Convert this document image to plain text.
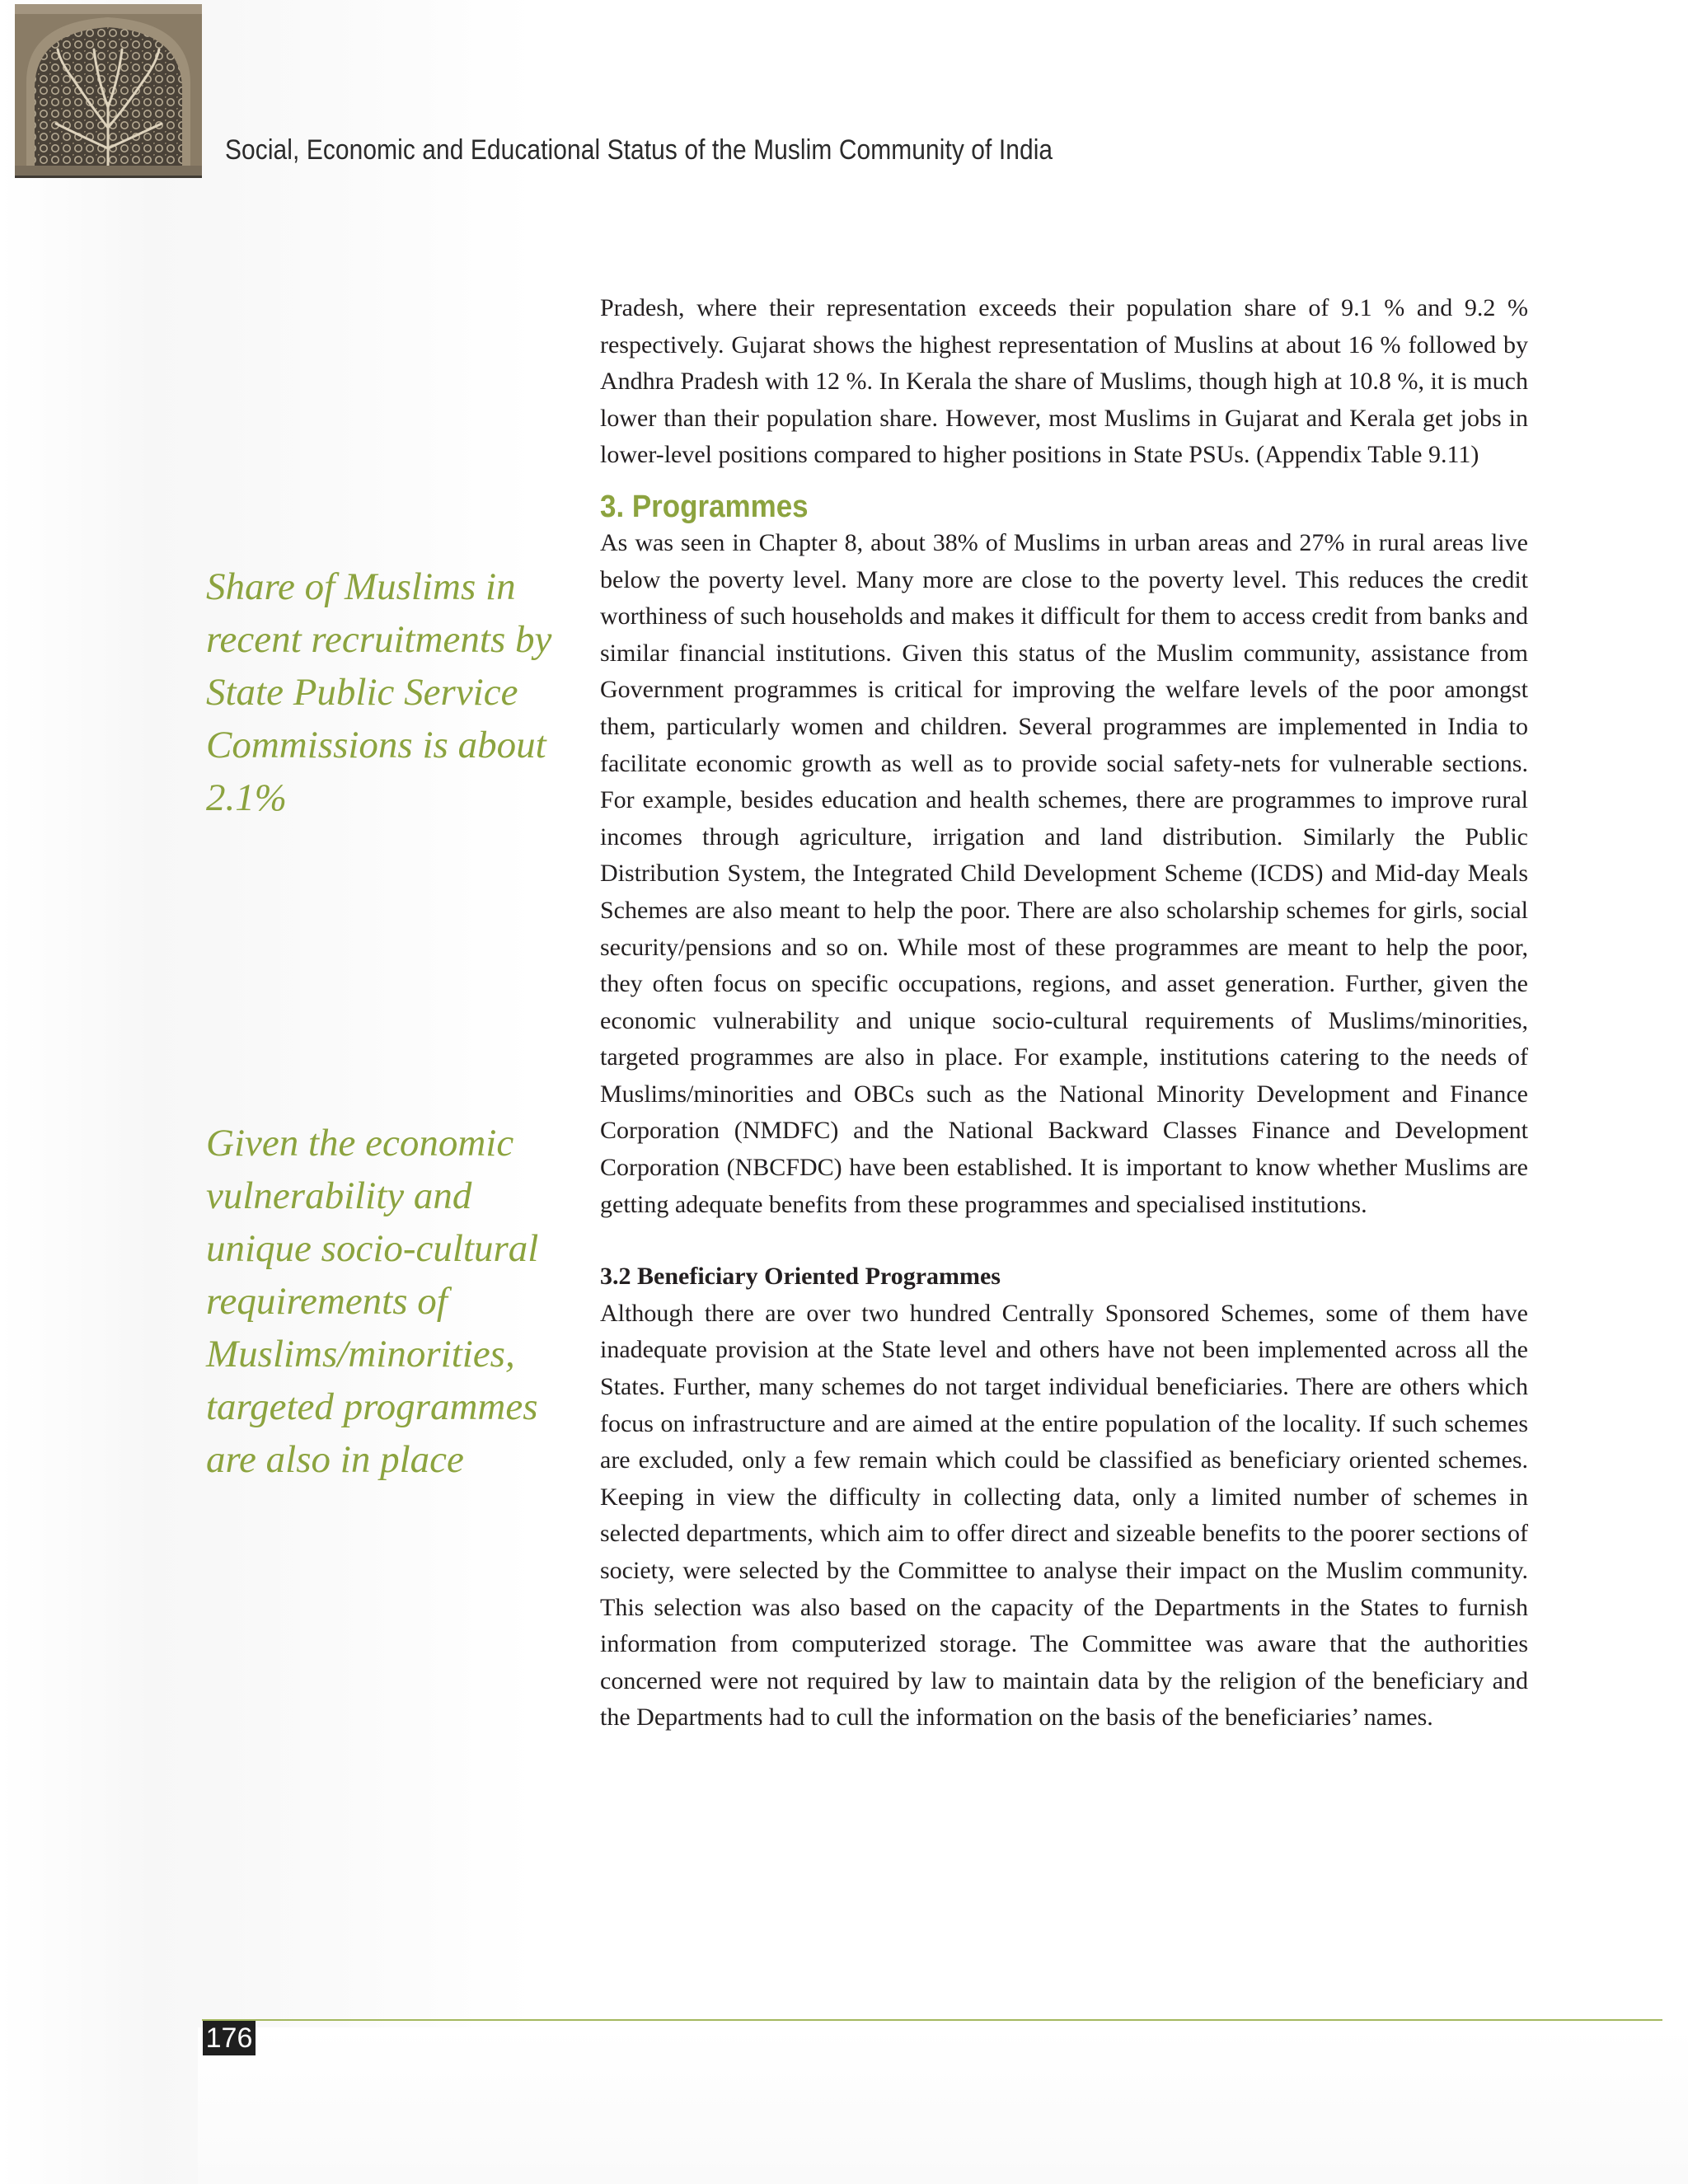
Social, Economic and Educational Status of the Muslim Community of India

Share of Muslims in recent recruitments by State Public Service Commissions is about 2.1%

Given the economic vulnerability and unique socio-cultural requirements of Muslims/minorities, targeted programmes are also in place

Pradesh, where their representation exceeds their population share of 9.1 % and 9.2 % respectively. Gujarat shows the highest representation of Muslins at about 16 % followed by Andhra Pradesh with 12 %. In Kerala the share of Muslims, though high at 10.8 %, it is much lower than their population share. However, most Muslims in Gujarat and Kerala get jobs in lower-level positions compared to higher positions in State PSUs. (Appendix Table 9.11)

3. Programmes

As was seen in Chapter 8, about 38% of Muslims in urban areas and 27% in rural areas live below the poverty level. Many more are close to the poverty level. This reduces the credit worthiness of such households and makes it difficult for them to access credit from banks and similar financial institutions. Given this status of the Muslim community, assistance from Government programmes is critical for improving the welfare levels of the poor amongst them, particularly women and children. Several programmes are implemented in India to facilitate economic growth as well as to provide social safety-nets for vulnerable sections. For example, besides education and health schemes, there are programmes to improve rural incomes through agriculture, irrigation and land distribution. Similarly the Public Distribution System, the Integrated Child Development Scheme (ICDS) and Mid-day Meals Schemes are also meant to help the poor. There are also scholarship schemes for girls, social security/pensions and so on. While most of these programmes are meant to help the poor, they often focus on specific occupations, regions, and asset generation. Further, given the economic vulnerability and unique socio-cultural requirements of Muslims/minorities, targeted programmes are also in place. For example, institutions catering to the needs of Muslims/minorities and OBCs such as the National Minority Development and Finance Corporation (NMDFC) and the National Backward Classes Finance and Development Corporation (NBCFDC) have been established. It is important to know whether Muslims are getting adequate benefits from these programmes and specialised institutions.

3.2 Beneficiary Oriented Programmes

Although there are over two hundred Centrally Sponsored Schemes, some of them have inadequate provision at the State level and others have not been implemented across all the States. Further, many schemes do not target individual beneficiaries. There are others which focus on infrastructure and are aimed at the entire population of the locality. If such schemes are excluded, only a few remain which could be classified as beneficiary oriented schemes. Keeping in view the difficulty in collecting data, only a limited number of schemes in selected departments, which aim to offer direct and sizeable benefits to the poorer sections of society, were selected by the Committee to analyse their impact on the Muslim community. This selection was also based on the capacity of the Departments in the States to furnish information from computerized storage. The Committee was aware that the authorities concerned were not required by law to maintain data by the religion of the beneficiary and the Departments had to cull the information on the basis of the beneficiaries’ names.

176
